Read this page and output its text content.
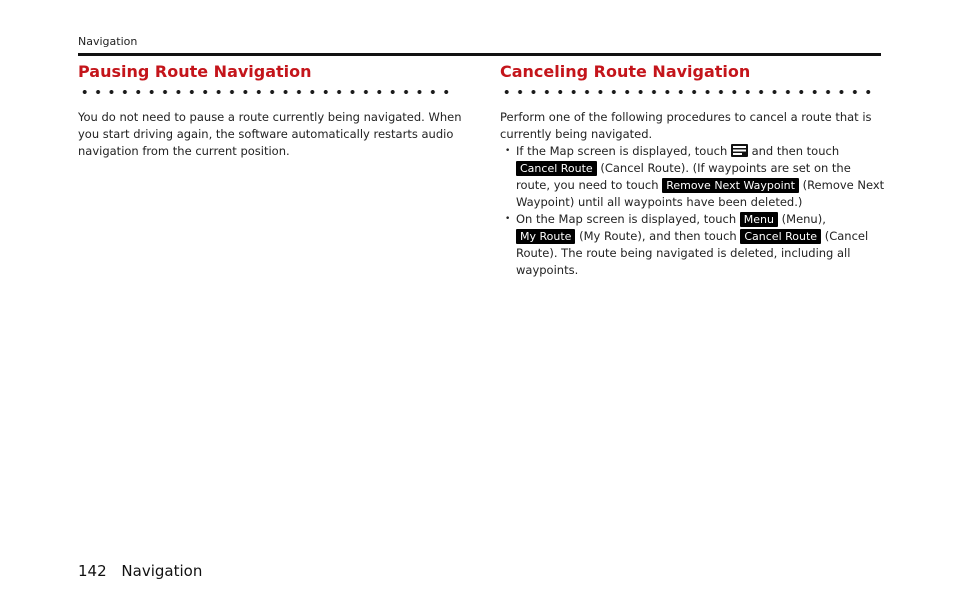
Navigation
Pausing Route Navigation

You do not need to pause a route currently being navigated. When you start driving again, the software automatically restarts audio navigation from the current position.

Canceling Route Navigation

Perform one of the following procedures to cancel a route that is currently being navigated.

• If the Map screen is displayed, touch and then touch Cancel Route (Cancel Route). (If waypoints are set on the route, you need to touch Remove Next Waypoint (Remove Next Waypoint) until all waypoints have been deleted.)
• On the Map screen is displayed, touch Menu (Menu), My Route (My Route), and then touch Cancel Route (Cancel Route). The route being navigated is deleted, including all waypoints.
142 Navigation
